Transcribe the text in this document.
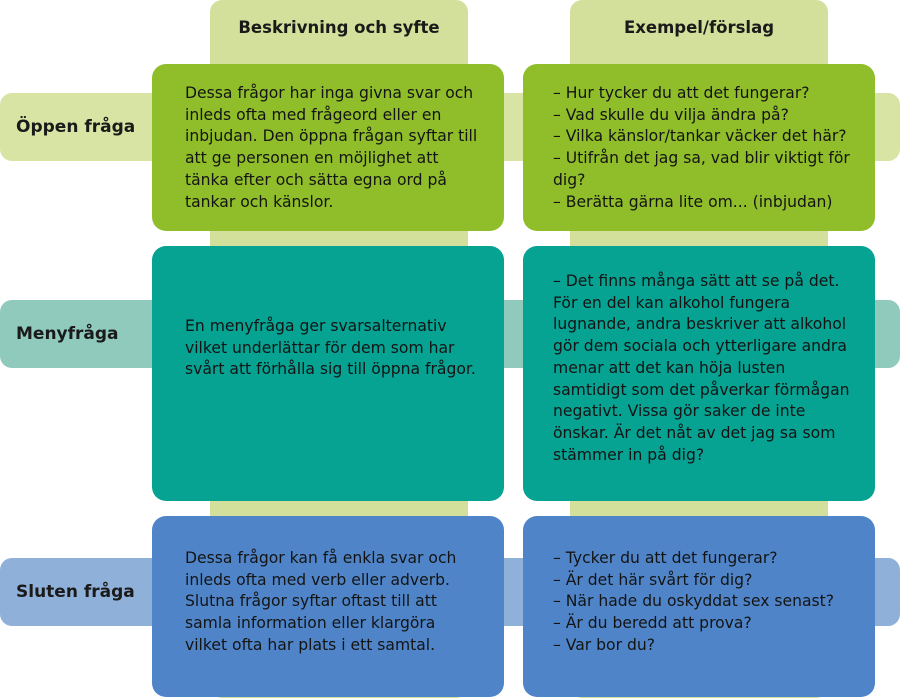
Beskrivning och syfte	Exempel/förslag
Öppen fråga
Menyfråga
Sluten fråga
Dessa frågor har inga givna svar och inleds ofta med frågeord eller en inbjudan. Den öppna frågan syftar till att ge personen en möjlighet att tänka efter och sätta egna ord på tankar och känslor.
– Hur tycker du att det fungerar?
– Vad skulle du vilja ändra på?
– Vilka känslor/tankar väcker det här?
– Utifrån det jag sa, vad blir viktigt för dig?
– Berätta gärna lite om... (inbjudan)
En menyfråga ger svarsalternativ vilket underlättar för dem som har svårt att förhålla sig till öppna frågor.
– Det finns många sätt att se på det. För en del kan alkohol fungera lugnande, andra beskriver att alkohol gör dem sociala och ytterligare andra menar att det kan höja lusten samtidigt som det påverkar förmågan negativt. Vissa gör saker de inte önskar. Är det nåt av det jag sa som stämmer in på dig?
Dessa frågor kan få enkla svar och inleds ofta med verb eller adverb. Slutna frågor syftar oftast till att samla information eller klargöra vilket ofta har plats i ett samtal.
– Tycker du att det fungerar?
– Är det här svårt för dig?
– När hade du oskyddat sex senast?
– Är du beredd att prova?
– Var bor du?
